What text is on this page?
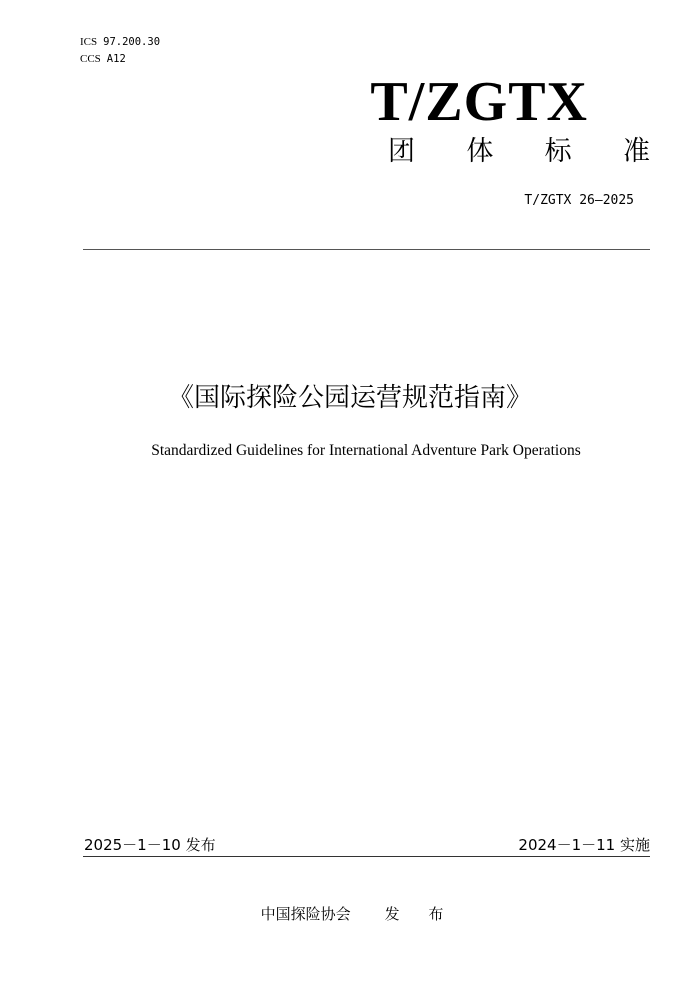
ICS 97.200.30
CCS A12
T/ZGTX
团 体 标 准
T/ZGTX 26—2025
《国际探险公园运营规范指南》
Standardized Guidelines for International Adventure Park Operations
2025－1－10 发布	2024－1－11 实施
中国探险协会 发 布
